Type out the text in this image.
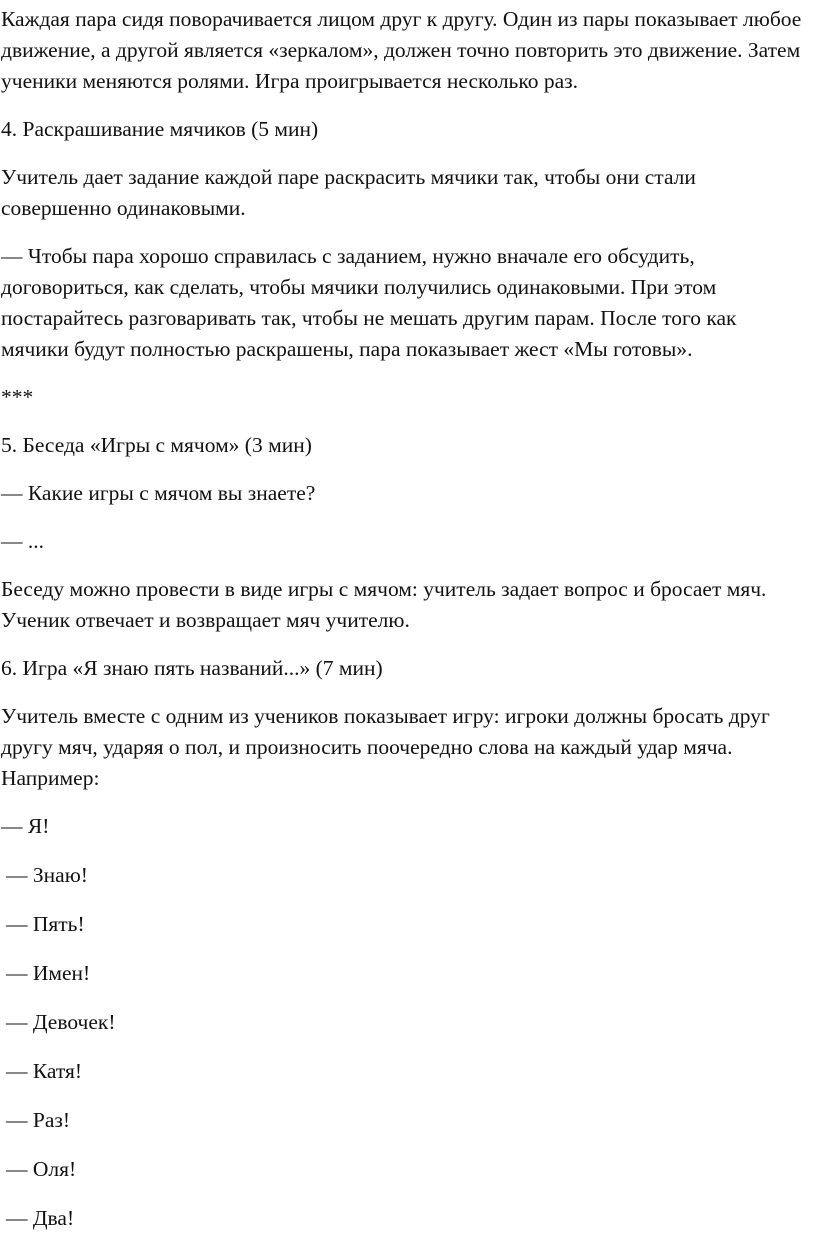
Каждая пара сидя поворачивается лицом друг к другу. Один из пары показывает любое движение, а другой является «зеркалом», должен точно повторить это движение. Затем ученики меняются ролями. Игра проигрывается несколько раз.

4. Раскрашивание мячиков (5 мин)

Учитель дает задание каждой паре раскрасить мячики так, чтобы они стали совершенно одинаковыми.

— Чтобы пара хорошо справилась с заданием, нужно вначале его обсудить, договориться, как сделать, чтобы мячики получились одинаковыми. При этом постарайтесь разговаривать так, чтобы не мешать другим парам. После того как мячики будут полностью раскрашены, пара показывает жест «Мы готовы».

***

5. Беседа «Игры с мячом» (3 мин)

— Какие игры с мячом вы знаете?

— ...

Беседу можно провести в виде игры с мячом: учитель задает вопрос и бросает мяч. Ученик отвечает и возвращает мяч учителю.

6. Игра «Я знаю пять названий...» (7 мин)

Учитель вместе с одним из учеников показывает игру: игроки должны бросать друг другу мяч, ударяя о пол, и произносить поочередно слова на каждый удар мяча. Например:

— Я!

— Знаю!

— Пять!

— Имен!

— Девочек!

— Катя!

— Раз!

— Оля!

— Два!
